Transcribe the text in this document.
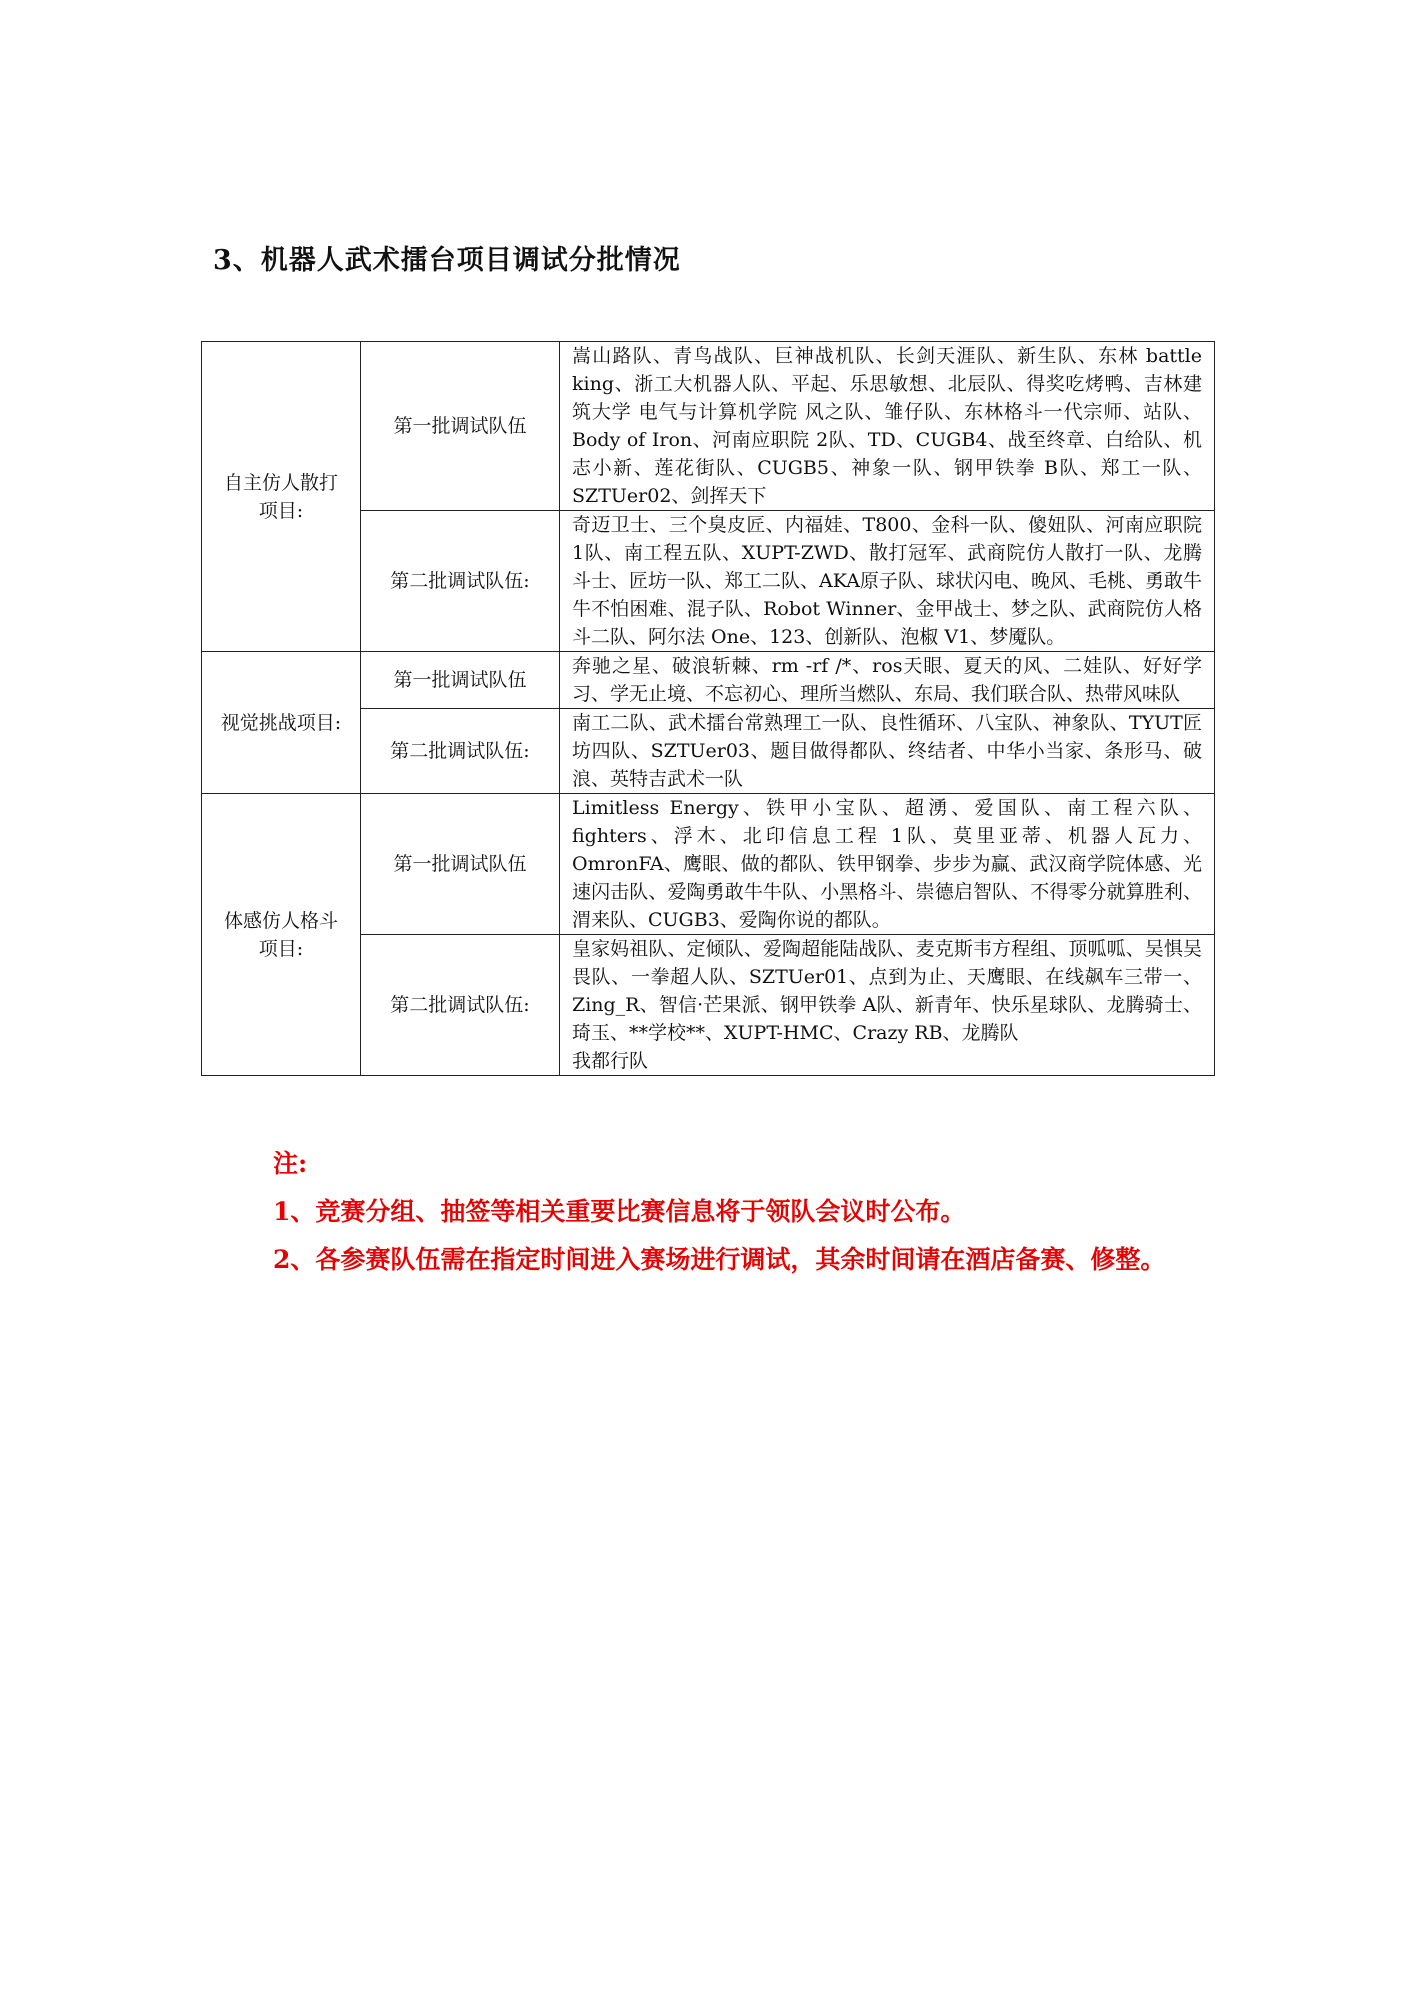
3、机器人武术擂台项目调试分批情况
自主仿人散打项目:	第一批调试队伍	嵩山路队、青鸟战队、巨神战机队、长剑天涯队、新生队、东林 battle king、浙工大机器人队、平起、乐思敏想、北辰队、得奖吃烤鸭、吉林建筑大学 电气与计算机学院 风之队、雏仔队、东林格斗一代宗师、站队、Body of Iron、河南应职院 2队、TD、CUGB4、战至终章、白给队、机志小新、莲花街队、CUGB5、神象一队、钢甲铁拳 B队、郑工一队、SZTUer02、剑挥天下
	第二批调试队伍:	奇迈卫士、三个臭皮匠、内福娃、T800、金科一队、傻妞队、河南应职院 1队、南工程五队、XUPT-ZWD、散打冠军、武商院仿人散打一队、龙腾斗士、匠坊一队、郑工二队、AKA原子队、球状闪电、晚风、毛桃、勇敢牛牛不怕困难、混子队、Robot Winner、金甲战士、梦之队、武商院仿人格斗二队、阿尔法 One、123、创新队、泡椒 V1、梦魇队。
视觉挑战项目:	第一批调试队伍	奔驰之星、破浪斩棘、rm -rf /*、ros天眼、夏天的风、二娃队、好好学习、学无止境、不忘初心、理所当燃队、东局、我们联合队、热带风味队
	第二批调试队伍:	南工二队、武术擂台常熟理工一队、良性循环、八宝队、神象队、TYUT匠坊四队、SZTUer03、题目做得都队、终结者、中华小当家、条形马、破浪、英特吉武术一队
体感仿人格斗项目:	第一批调试队伍	Limitless Energy、铁甲小宝队、超湧、爱国队、南工程六队、fighters、浮木、北印信息工程 1队、莫里亚蒂、机器人瓦力、OmronFA、鹰眼、做的都队、铁甲钢拳、步步为赢、武汉商学院体感、光速闪击队、爱陶勇敢牛牛队、小黑格斗、崇德启智队、不得零分就算胜利、渭来队、CUGB3、爱陶你说的都队。
	第二批调试队伍:	皇家妈祖队、定倾队、爱陶超能陆战队、麦克斯韦方程组、顶呱呱、吴惧吴畏队、一拳超人队、SZTUer01、点到为止、天鹰眼、在线飙车三带一、Zing_R、智信·芒果派、钢甲铁拳 A队、新青年、快乐星球队、龙腾骑士、琦玉、**学校**、XUPT-HMC、Crazy RB、龙腾队
我都行队

注:

1、竞赛分组、抽签等相关重要比赛信息将于领队会议时公布。

2、各参赛队伍需在指定时间进入赛场进行调试，其余时间请在酒店备赛、修整。
